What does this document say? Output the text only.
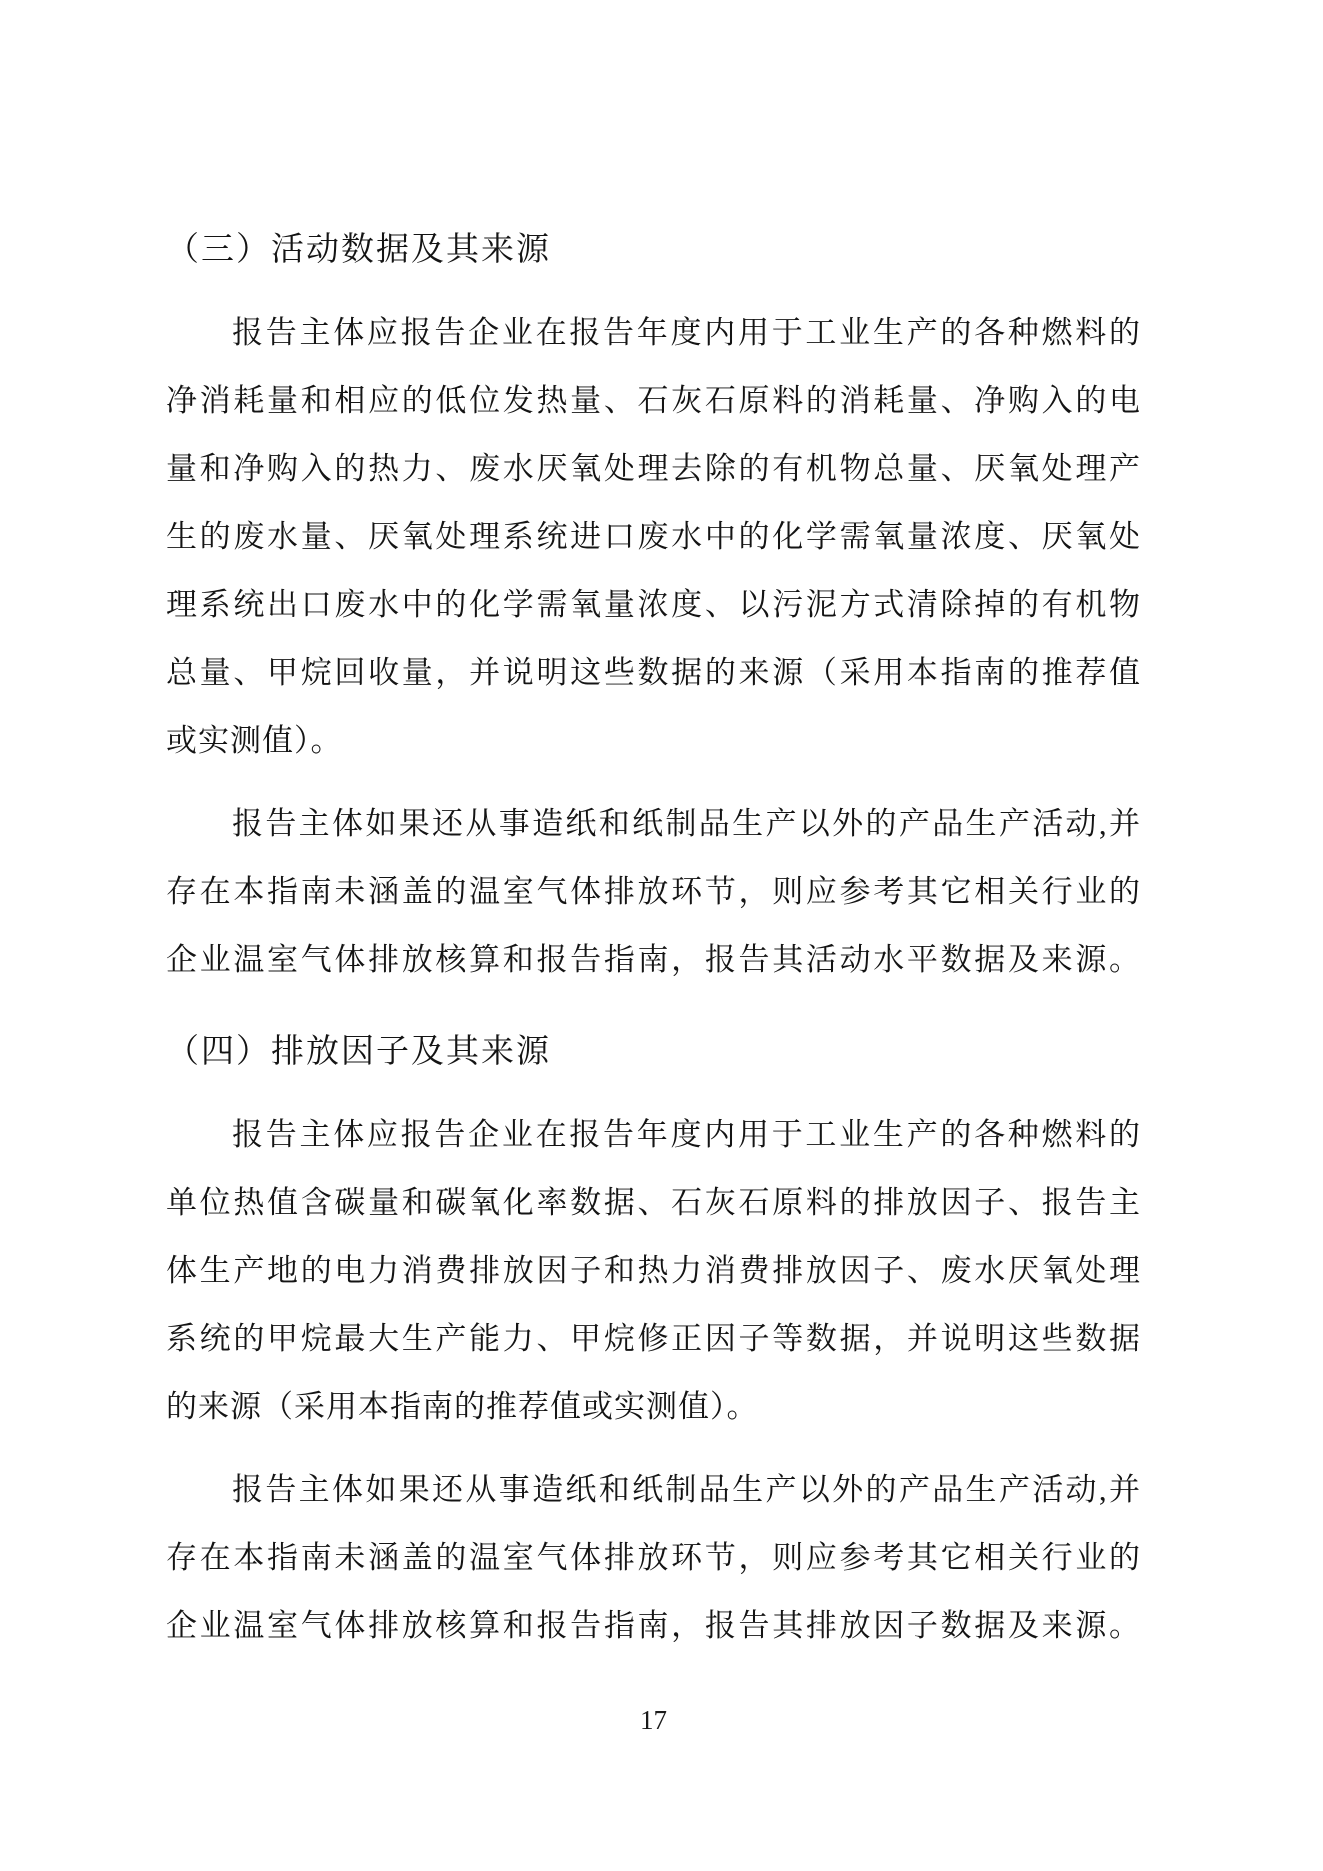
（三）活动数据及其来源
报告主体应报告企业在报告年度内用于工业生产的各种燃料的
净消耗量和相应的低位发热量、石灰石原料的消耗量、净购入的电
量和净购入的热力、废水厌氧处理去除的有机物总量、厌氧处理产
生的废水量、厌氧处理系统进口废水中的化学需氧量浓度、厌氧处
理系统出口废水中的化学需氧量浓度、以污泥方式清除掉的有机物
总量、甲烷回收量，并说明这些数据的来源（采用本指南的推荐值
或实测值）。
报告主体如果还从事造纸和纸制品生产以外的产品生产活动,并
存在本指南未涵盖的温室气体排放环节，则应参考其它相关行业的
企业温室气体排放核算和报告指南，报告其活动水平数据及来源。
（四）排放因子及其来源
报告主体应报告企业在报告年度内用于工业生产的各种燃料的
单位热值含碳量和碳氧化率数据、石灰石原料的排放因子、报告主
体生产地的电力消费排放因子和热力消费排放因子、废水厌氧处理
系统的甲烷最大生产能力、甲烷修正因子等数据，并说明这些数据
的来源（采用本指南的推荐值或实测值）。
报告主体如果还从事造纸和纸制品生产以外的产品生产活动,并
存在本指南未涵盖的温室气体排放环节，则应参考其它相关行业的
企业温室气体排放核算和报告指南，报告其排放因子数据及来源。
17
